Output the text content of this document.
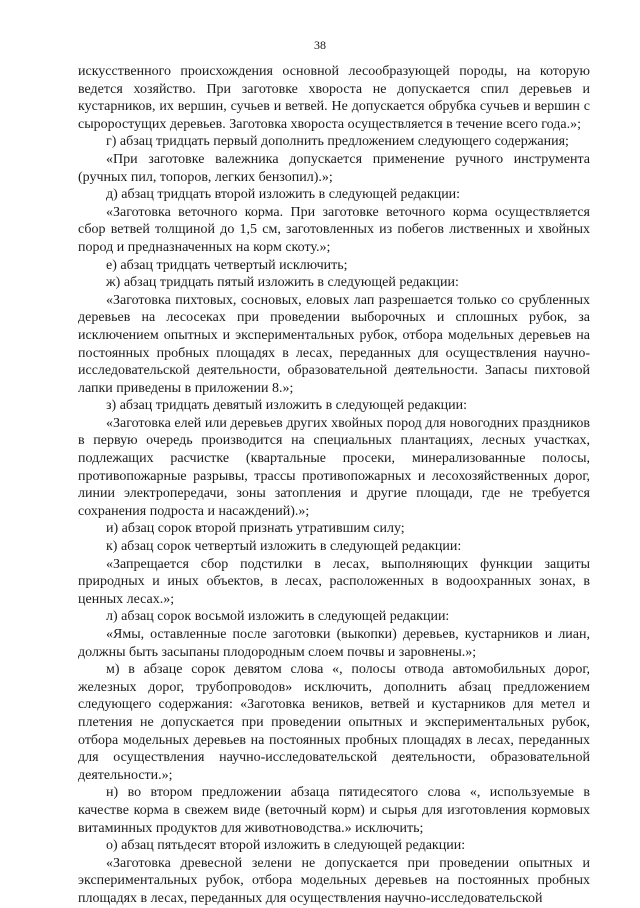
38

искусственного происхождения основной лесообразующей породы, на которую ведется хозяйство. При заготовке хвороста не допускается спил деревьев и кустарников, их вершин, сучьев и ветвей. Не допускается обрубка сучьев и вершин с сыроростущих деревьев. Заготовка хвороста осуществляется в течение всего года.»;

г) абзац тридцать первый дополнить предложением следующего содержания;

«При заготовке валежника допускается применение ручного инструмента (ручных пил, топоров, легких бензопил).»;

д) абзац тридцать второй изложить в следующей редакции:

«Заготовка веточного корма. При заготовке веточного корма осуществляется сбор ветвей толщиной до 1,5 см, заготовленных из побегов лиственных и хвойных пород и предназначенных на корм скоту.»;

е) абзац тридцать четвертый исключить;

ж) абзац тридцать пятый изложить в следующей редакции:

«Заготовка пихтовых, сосновых, еловых лап разрешается только со срубленных деревьев на лесосеках при проведении выборочных и сплошных рубок, за исключением опытных и экспериментальных рубок, отбора модельных деревьев на постоянных пробных площадях в лесах, переданных для осуществления научно-исследовательской деятельности, образовательной деятельности. Запасы пихтовой лапки приведены в приложении 8.»;

з) абзац тридцать девятый изложить в следующей редакции:

«Заготовка елей или деревьев других хвойных пород для новогодних праздников в первую очередь производится на специальных плантациях, лесных участках, подлежащих расчистке (квартальные просеки, минерализованные полосы, противопожарные разрывы, трассы противопожарных и лесохозяйственных дорог, линии электропередачи, зоны затопления и другие площади, где не требуется сохранения подроста и насаждений).»;

и) абзац сорок второй признать утратившим силу;

к) абзац сорок четвертый изложить в следующей редакции:

«Запрещается сбор подстилки в лесах, выполняющих функции защиты природных и иных объектов, в лесах, расположенных в водоохранных зонах, в ценных лесах.»;

л) абзац сорок восьмой изложить в следующей редакции:

«Ямы, оставленные после заготовки (выкопки) деревьев, кустарников и лиан, должны быть засыпаны плодородным слоем почвы и заровнены.»;

м) в абзаце сорок девятом слова «, полосы отвода автомобильных дорог, железных дорог, трубопроводов» исключить, дополнить абзац предложением следующего содержания: «Заготовка веников, ветвей и кустарников для метел и плетения не допускается при проведении опытных и экспериментальных рубок, отбора модельных деревьев на постоянных пробных площадях в лесах, переданных для осуществления научно-исследовательской деятельности, образовательной деятельности.»;

н) во втором предложении абзаца пятидесятого слова «, используемые в качестве корма в свежем виде (веточный корм) и сырья для изготовления кормовых витаминных продуктов для животноводства.» исключить;

о) абзац пятьдесят второй изложить в следующей редакции:

«Заготовка древесной зелени не допускается при проведении опытных и экспериментальных рубок, отбора модельных деревьев на постоянных пробных площадях в лесах, переданных для осуществления научно-исследовательской
